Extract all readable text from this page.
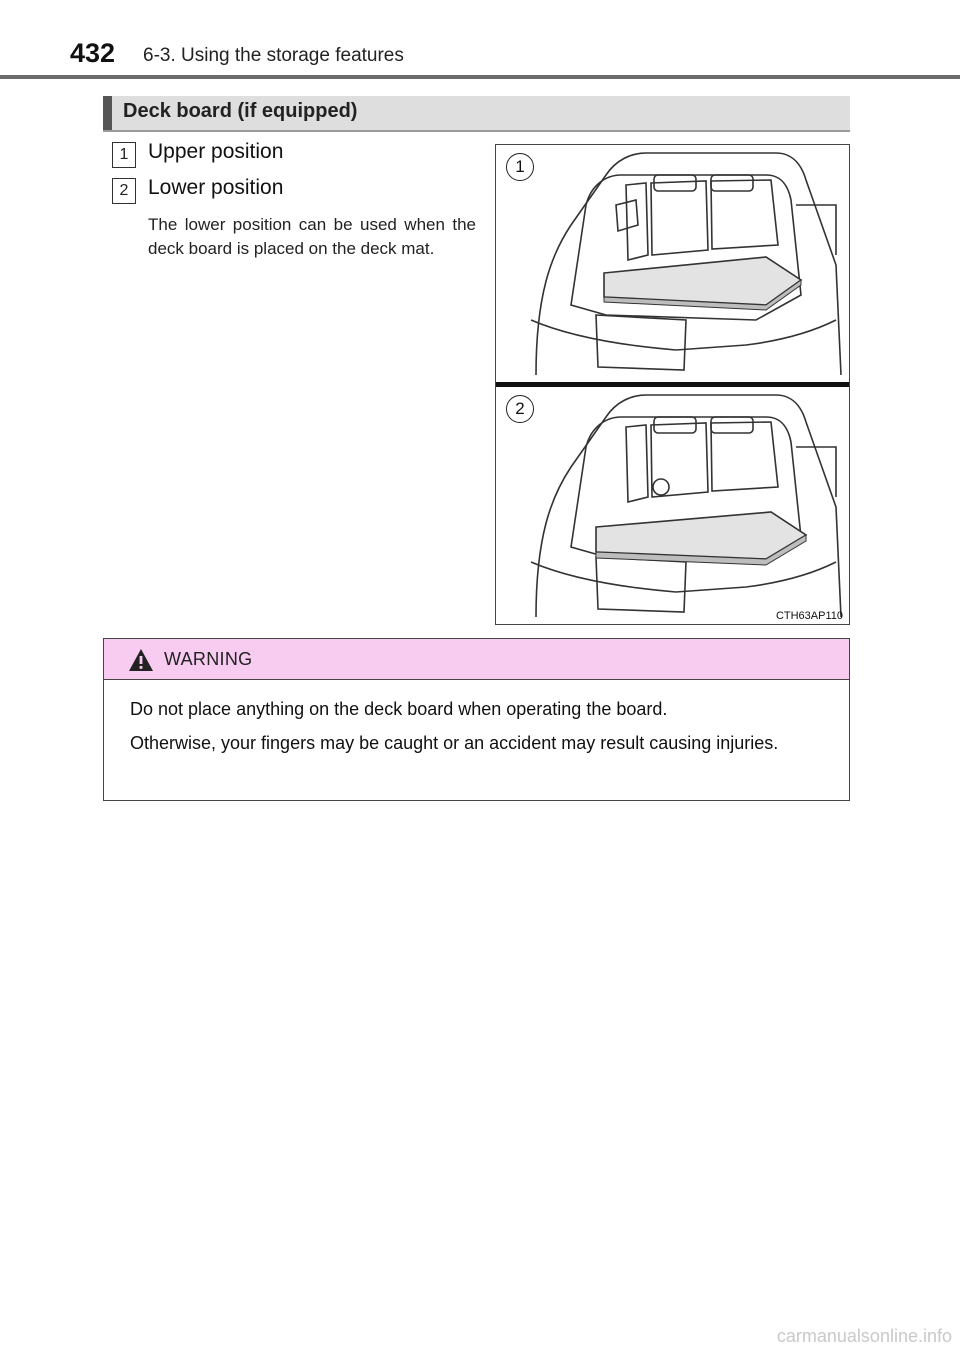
432 6-3. Using the storage features
Deck board (if equipped)
1 Upper position
2 Lower position
The lower position can be used when the deck board is placed on the deck mat.
1
2
CTH63AP110
WARNING

Do not place anything on the deck board when operating the board.

Otherwise, your fingers may be caught or an accident may result causing injuries.

carmanualsonline.info
